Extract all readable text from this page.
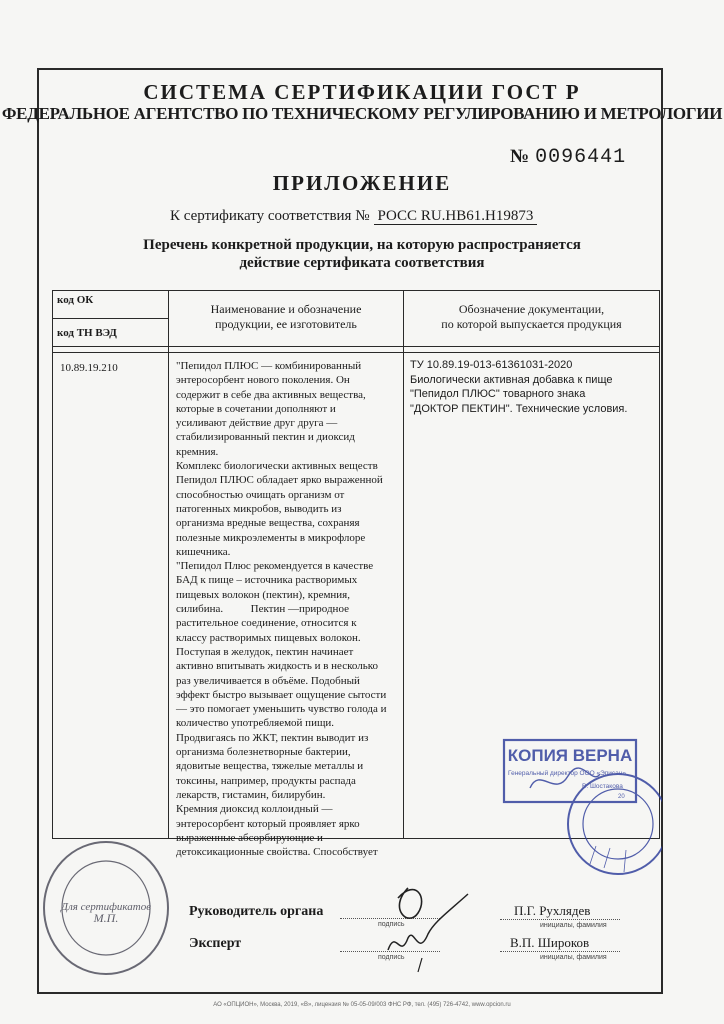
СИСТЕМА СЕРТИФИКАЦИИ ГОСТ Р
ФЕДЕРАЛЬНОЕ АГЕНТСТВО ПО ТЕХНИЧЕСКОМУ РЕГУЛИРОВАНИЮ И МЕТРОЛОГИИ
№ 0096441
ПРИЛОЖЕНИЕ
К сертификату соответствия № РОСС RU.НВ61.Н19873
Перечень конкретной продукции, на которую распространяется
действие сертификата соответствия
код ОК
код ТН ВЭД
Наименование и обозначение
продукции, ее изготовитель
Обозначение документации,
по которой выпускается продукция
10.89.19.210	"Пепидол ПЛЮС — комбинированный

энтеросорбент нового поколения. Он

содержит в себе два активных вещества,

которые в сочетании дополняют и

усиливают действие друг друга —

стабилизированный пектин и диоксид

кремния.

Комплекс биологически активных веществ

Пепидол ПЛЮС обладает ярко выраженной

способностью очищать организм от

патогенных микробов, выводить из

организма вредные вещества, сохраняя

полезные микроэлементы в микрофлоре

кишечника.

"Пепидол Плюс рекомендуется в качестве

БАД к пище – источника растворимых

пищевых волокон (пектин), кремния,

силибина.          Пектин —природное

растительное соединение, относится к

классу растворимых пищевых волокон.

Поступая в желудок, пектин начинает

активно впитывать жидкость и в несколько

раз увеличивается в объёме. Подобный

эффект быстро вызывает ощущение сытости

— это помогает уменьшить чувство голода и

количество употребляемой пищи.

Продвигаясь по ЖКТ, пектин выводит из

организма болезнетворные бактерии,

ядовитые вещества, тяжелые металлы и

токсины, например, продукты распада

лекарств, гистамин, билирубин.

Кремния диоксид коллоидный —

энтеросорбент который проявляет ярко

выраженные абсорбирующие и

детоксикационные свойства. Способствует

ТУ 10.89.19-013-61361031-2020
Биологически активная добавка к пище
"Пепидол ПЛЮС" товарного знака
"ДОКТОР ПЕКТИН". Технические условия.
КОПИЯ ВЕРНА
Генеральный директор ООО «Эписан»
В. Шостакова
20
М.П.
Для сертификатов	Руководитель органа
подпись
П.Г. Рухлядев
инициалы, фамилия
Эксперт
подпись
В.П. Широков
инициалы, фамилия
АО «ОПЦИОН», Москва, 2019, «В», лицензия № 05-05-09/003 ФНС РФ, тел. (495) 726-4742, www.opcion.ru
